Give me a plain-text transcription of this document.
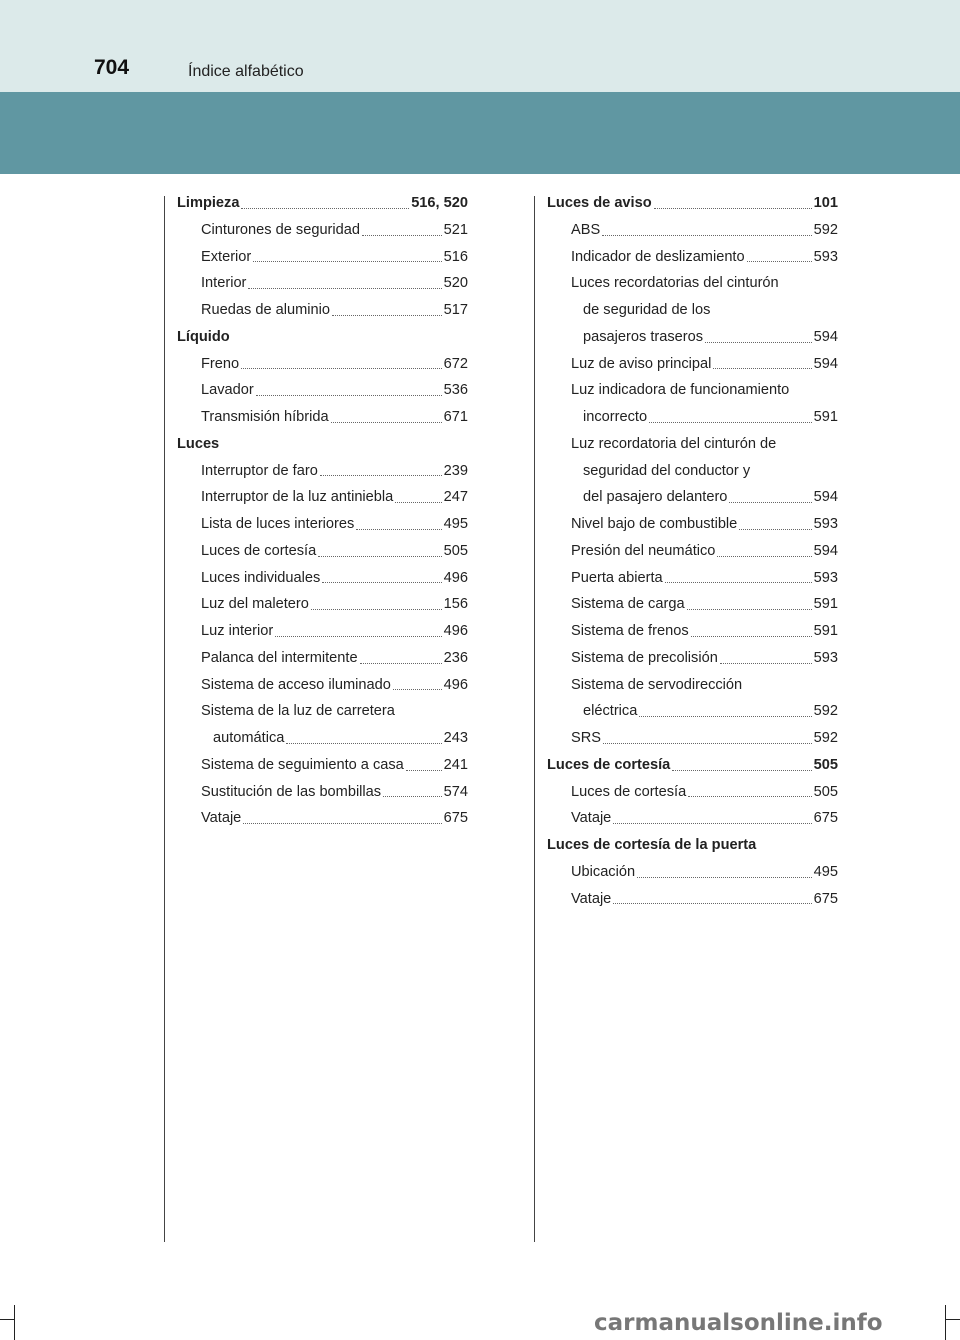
704	Índice alfabético
Limpieza	516, 520
Cinturones de seguridad	521
Exterior	516
Interior	520
Ruedas de aluminio	517
Líquido
Freno	672
Lavador	536
Transmisión híbrida	671
Luces
Interruptor de faro	239
Interruptor de la luz antiniebla	247
Lista de luces interiores	495
Luces de cortesía	505
Luces individuales	496
Luz del maletero	156
Luz interior	496
Palanca del intermitente	236
Sistema de acceso iluminado	496
Sistema de la luz de carretera
automática	243
Sistema de seguimiento a casa	241
Sustitución de las bombillas	574
Vataje	675
Luces de aviso	101
ABS	592
Indicador de deslizamiento	593
Luces recordatorias del cinturón
de seguridad de los
pasajeros traseros	594
Luz de aviso principal	594
Luz indicadora de funcionamiento
incorrecto	591
Luz recordatoria del cinturón de
seguridad del conductor y
del pasajero delantero	594
Nivel bajo de combustible	593
Presión del neumático	594
Puerta abierta	593
Sistema de carga	591
Sistema de frenos	591
Sistema de precolisión	593
Sistema de servodirección
eléctrica	592
SRS	592
Luces de cortesía	505
Luces de cortesía	505
Vataje	675
Luces de cortesía de la puerta
Ubicación	495
Vataje	675
carmanualsonline.info
